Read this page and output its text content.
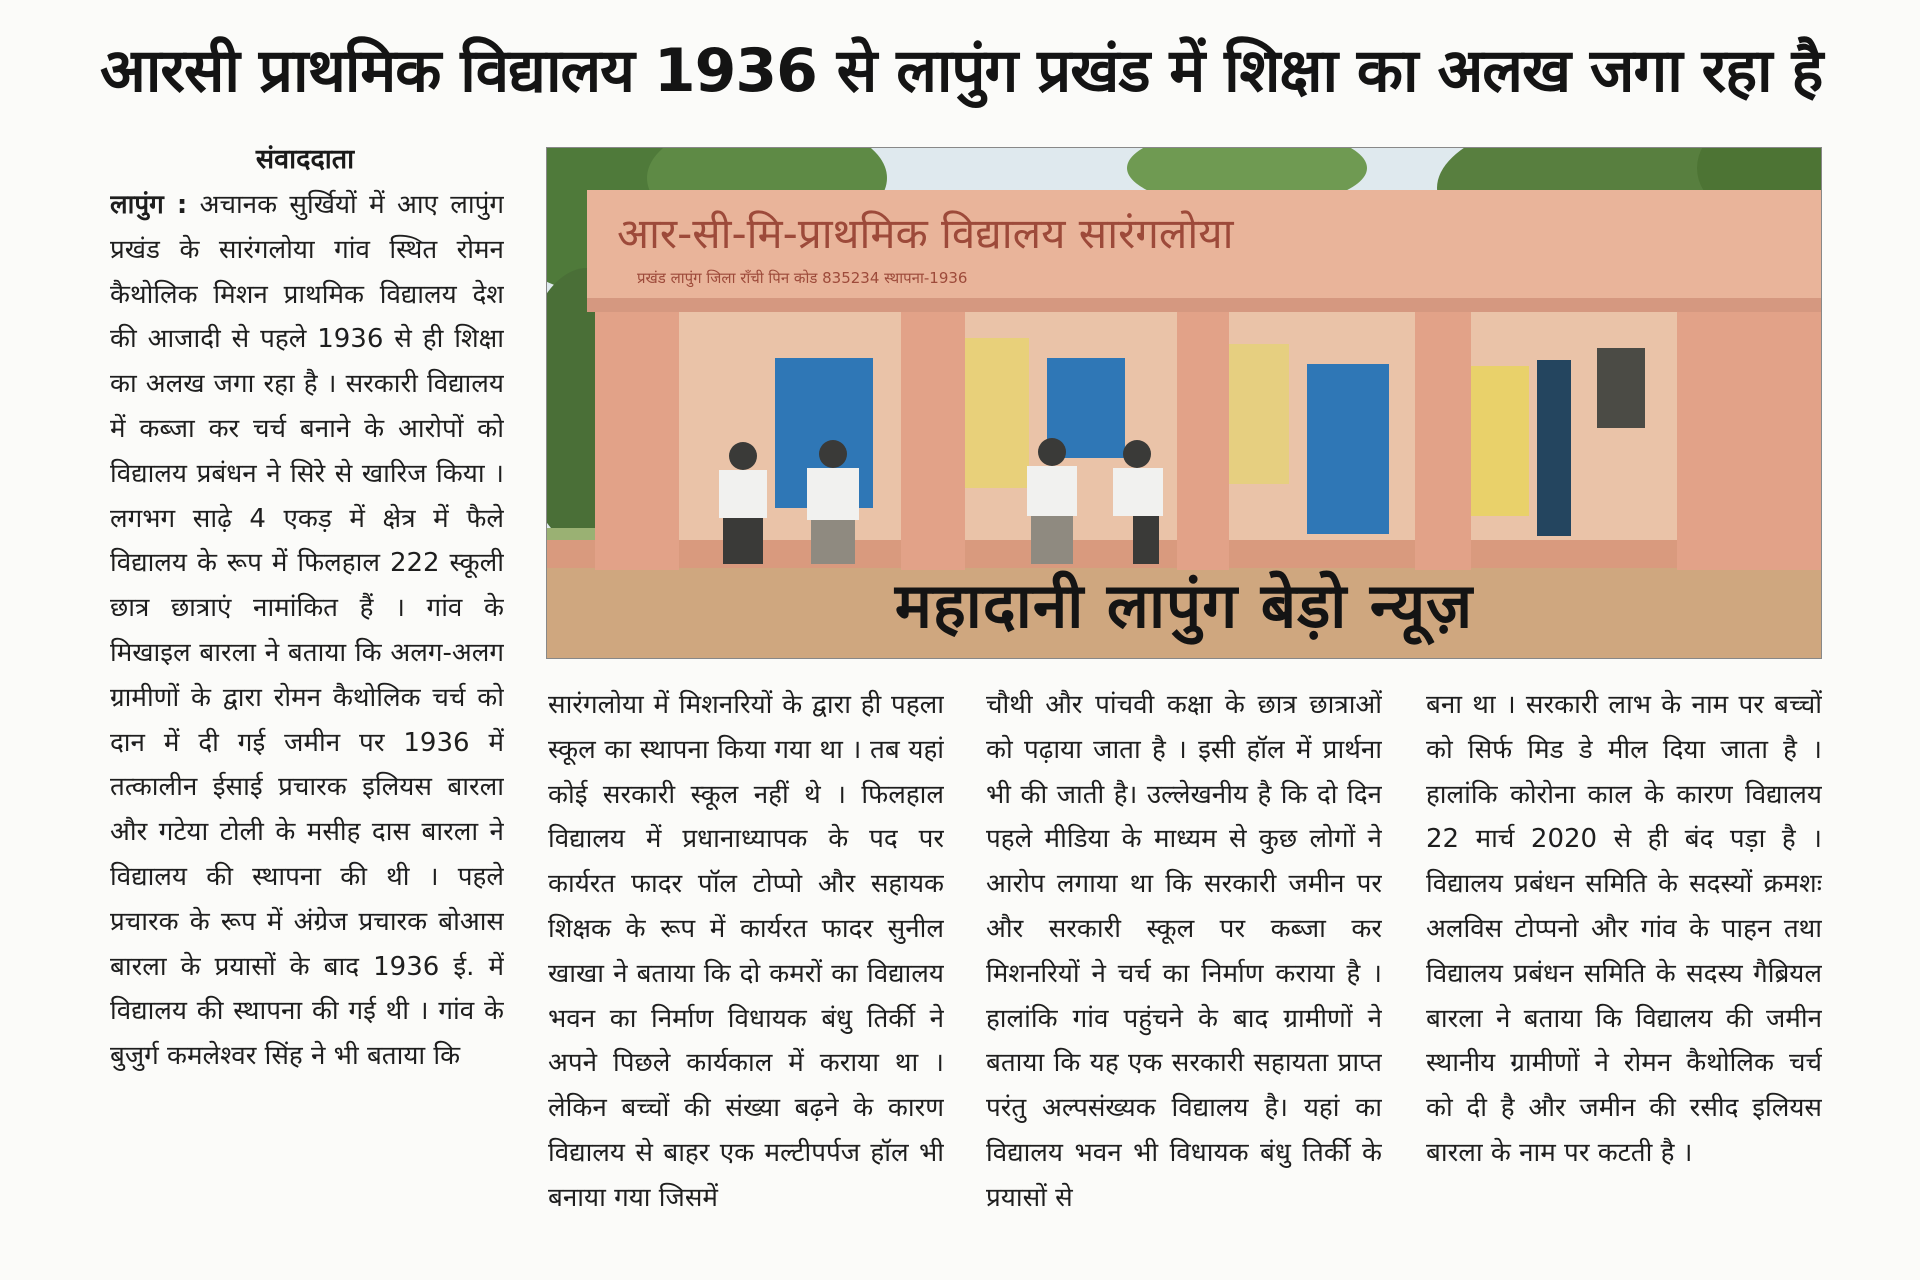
आरसी प्राथमिक विद्यालय 1936 से लापुंग प्रखंड में शिक्षा का अलख जगा रहा है
संवाददाता
लापुंग : अचानक सुर्खियों में आए लापुंग प्रखंड के सारंगलोया गांव स्थित रोमन कैथोलिक मिशन प्राथमिक विद्यालय देश की आजादी से पहले 1936 से ही शिक्षा का अलख जगा रहा है । सरकारी विद्यालय में कब्जा कर चर्च बनाने के आरोपों को विद्यालय प्रबंधन ने सिरे से खारिज किया । लगभग साढ़े 4 एकड़ में क्षेत्र में फैले विद्यालय के रूप में फिलहाल 222 स्कूली छात्र छात्राएं नामांकित हैं । गांव के मिखाइल बारला ने बताया कि अलग-अलग ग्रामीणों के द्वारा रोमन कैथोलिक चर्च को दान में दी गई जमीन पर 1936 में तत्कालीन ईसाई प्रचारक इलियस बारला और गटेया टोली के मसीह दास बारला ने विद्यालय की स्थापना की थी । पहले प्रचारक के रूप में अंग्रेज प्रचारक बोआस बारला के प्रयासों के बाद 1936 ई. में विद्यालय की स्थापना की गई थी । गांव के बुजुर्ग कमलेश्वर सिंह ने भी बताया कि
आर-सी-मि-प्राथमिक विद्यालय सारंगलोया
प्रखंड लापुंग जिला राँची पिन कोड 835234 स्थापना-1936
महादानी लापुंग बेड़ो न्यूज़
सारंगलोया में मिशनरियों के द्वारा ही पहला स्कूल का स्थापना किया गया था । तब यहां कोई सरकारी स्कूल नहीं थे । फिलहाल विद्यालय में प्रधानाध्यापक के पद पर कार्यरत फादर पॉल टोप्पो और सहायक शिक्षक के रूप में कार्यरत फादर सुनील खाखा ने बताया कि दो कमरों का विद्यालय भवन का निर्माण विधायक बंधु तिर्की ने अपने पिछले कार्यकाल में कराया था । लेकिन बच्चों की संख्या बढ़ने के कारण विद्यालय से बाहर एक मल्टीपर्पज हॉल भी बनाया गया जिसमें
चौथी और पांचवी कक्षा के छात्र छात्राओं को पढ़ाया जाता है । इसी हॉल में प्रार्थना भी की जाती है। उल्लेखनीय है कि दो दिन पहले मीडिया के माध्यम से कुछ लोगों ने आरोप लगाया था कि सरकारी जमीन पर और सरकारी स्कूल पर कब्जा कर मिशनरियों ने चर्च का निर्माण कराया है । हालांकि गांव पहुंचने के बाद ग्रामीणों ने बताया कि यह एक सरकारी सहायता प्राप्त परंतु अल्पसंख्यक विद्यालय है। यहां का विद्यालय भवन भी विधायक बंधु तिर्की के प्रयासों से
बना था । सरकारी लाभ के नाम पर बच्चों को सिर्फ मिड डे मील दिया जाता है । हालांकि कोरोना काल के कारण विद्यालय 22 मार्च 2020 से ही बंद पड़ा है । विद्यालय प्रबंधन समिति के सदस्यों क्रमशः अलविस टोप्पनो और गांव के पाहन तथा विद्यालय प्रबंधन समिति के सदस्य गैब्रियल बारला ने बताया कि विद्यालय की जमीन स्थानीय ग्रामीणों ने रोमन कैथोलिक चर्च को दी है और जमीन की रसीद इलियस बारला के नाम पर कटती है ।
